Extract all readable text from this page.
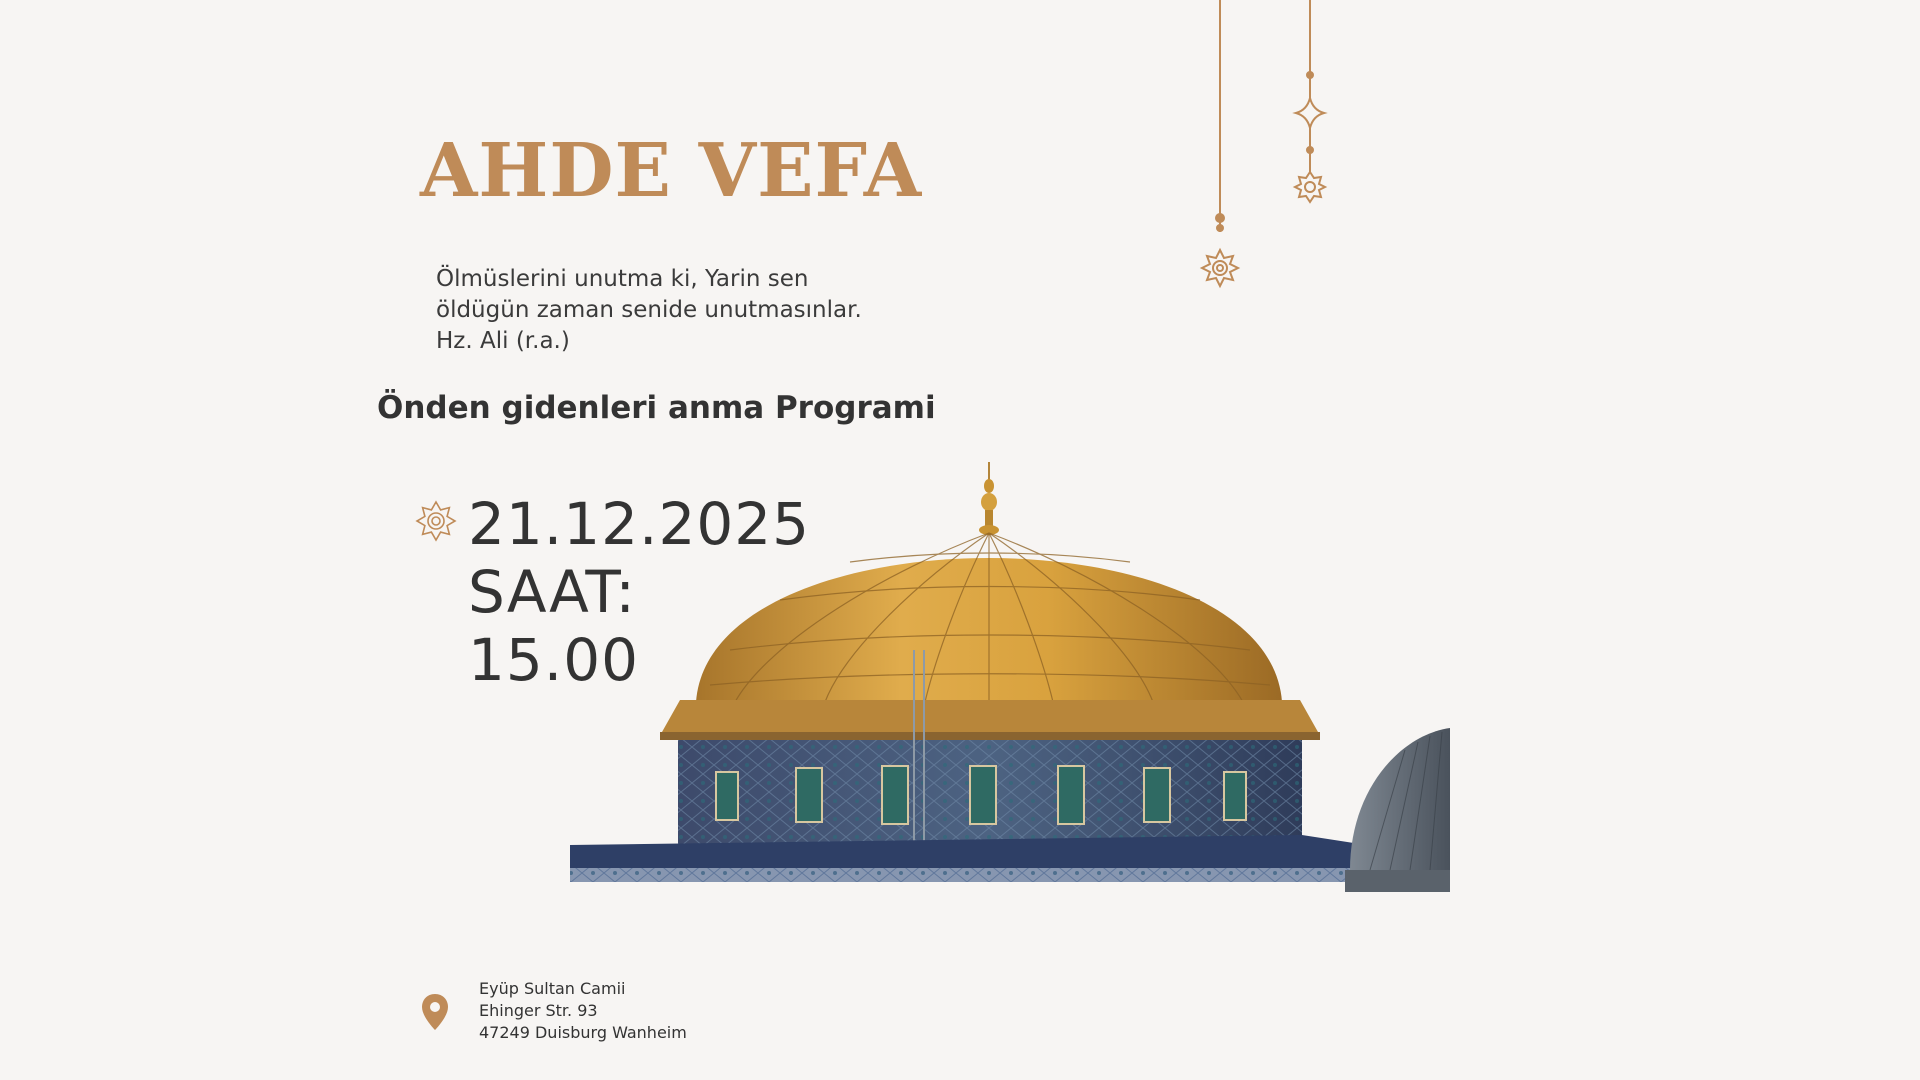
AHDE VEFA
Ölmüslerini unutma ki, Yarin sen
öldügün zaman senide unutmasınlar.
Hz. Ali (r.a.)
Önden gidenleri anma Programi
21.12.2025
SAAT:
15.00
Eyüp Sultan Camii
Ehinger Str. 93
47249 Duisburg Wanheim
